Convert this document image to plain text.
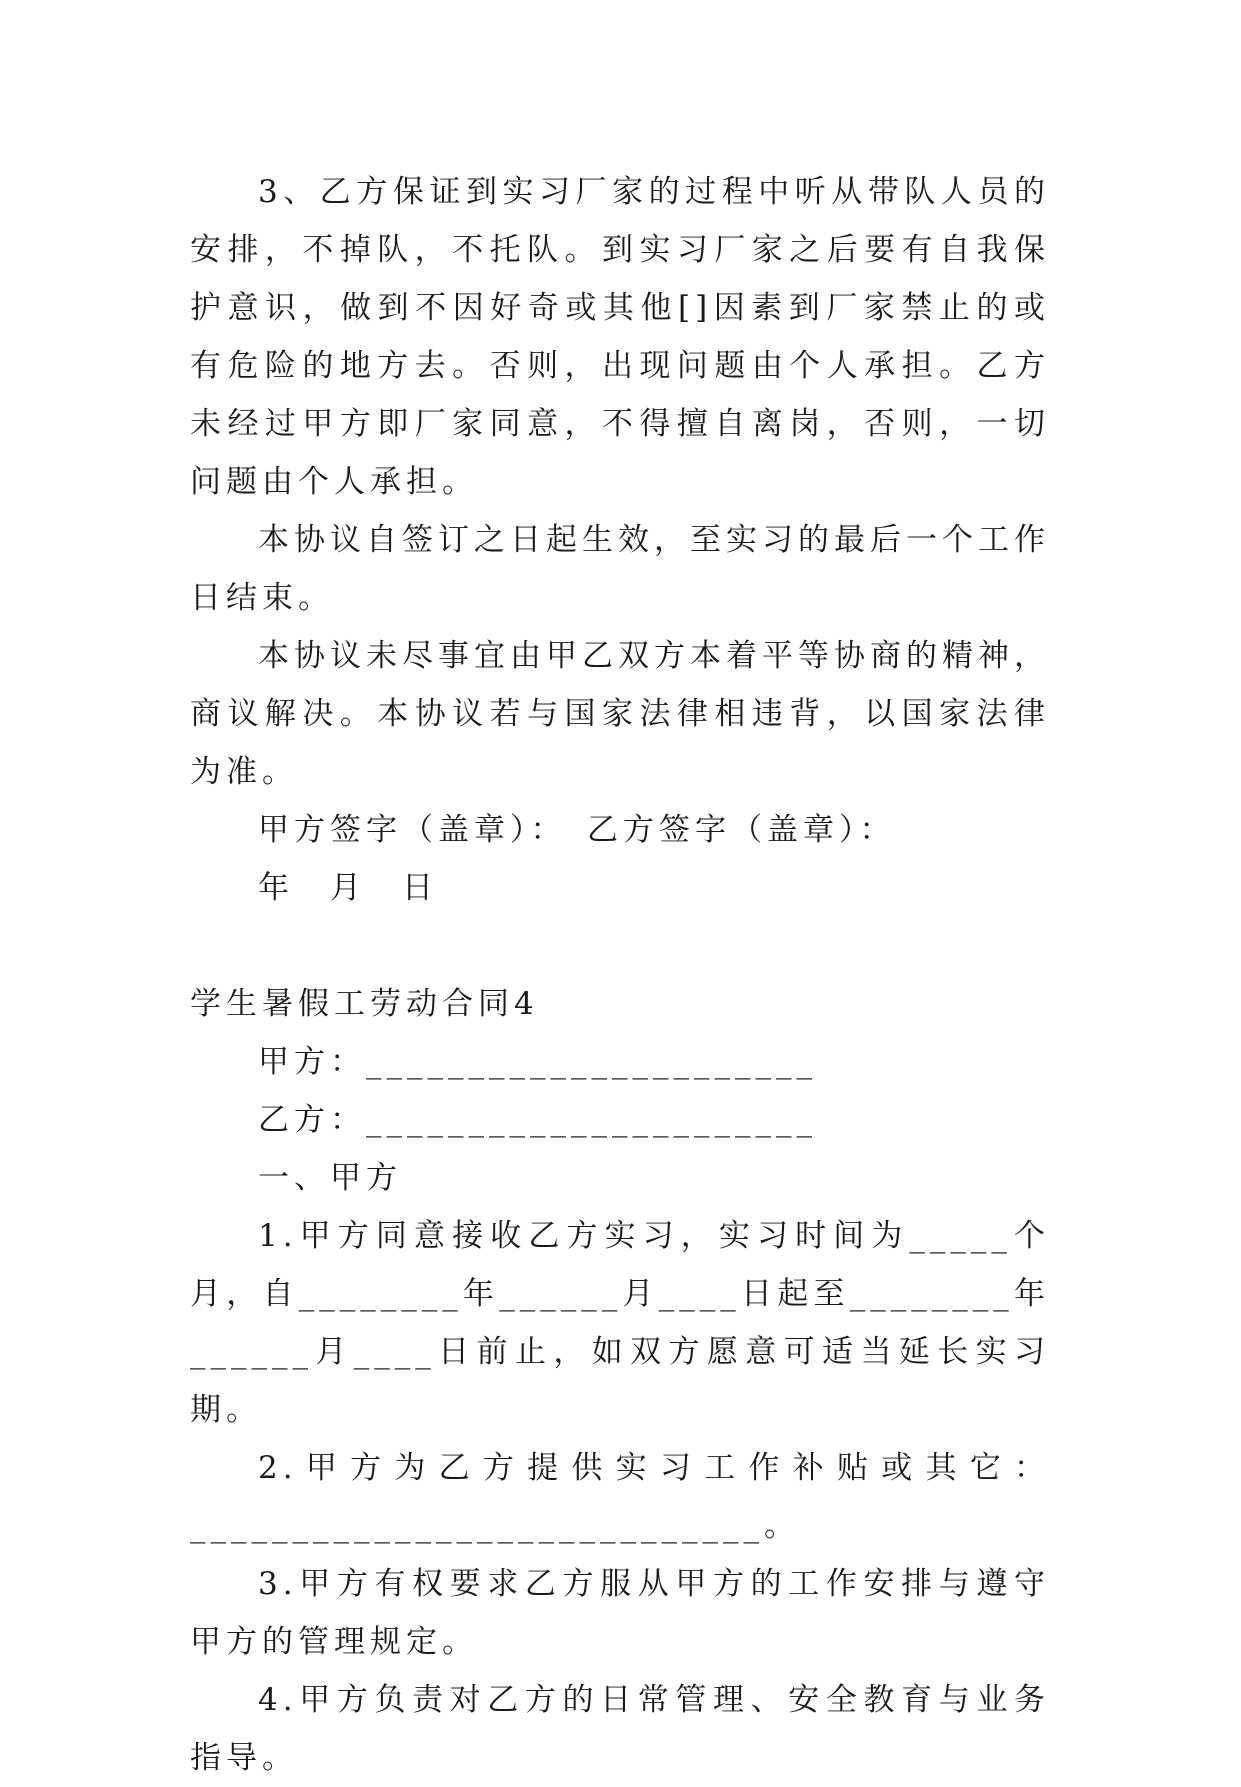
3、乙方保证到实习厂家的过程中听从带队人员的安排，不掉队，不托队。到实习厂家之后要有自我保护意识，做到不因好奇或其他[]因素到厂家禁止的或有危险的地方去。否则，出现问题由个人承担。乙方未经过甲方即厂家同意，不得擅自离岗，否则，一切问题由个人承担。

本协议自签订之日起生效，至实习的最后一个工作日结束。

本协议未尽事宜由甲乙双方本着平等协商的精神，商议解决。本协议若与国家法律相违背，以国家法律为准。

甲方签字（盖章）：　乙方签字（盖章）：

年　月　日

学生暑假工劳动合同4

甲方：______________________

乙方：______________________

一、甲方

1.甲方同意接收乙方实习，实习时间为_____个月，自________年______月____日起至________年______月____日前止，如双方愿意可适当延长实习期。

2.甲方为乙方提供实习工作补贴或其它：

____________________________。

3.甲方有权要求乙方服从甲方的工作安排与遵守甲方的管理规定。

4.甲方负责对乙方的日常管理、安全教育与业务指导。
